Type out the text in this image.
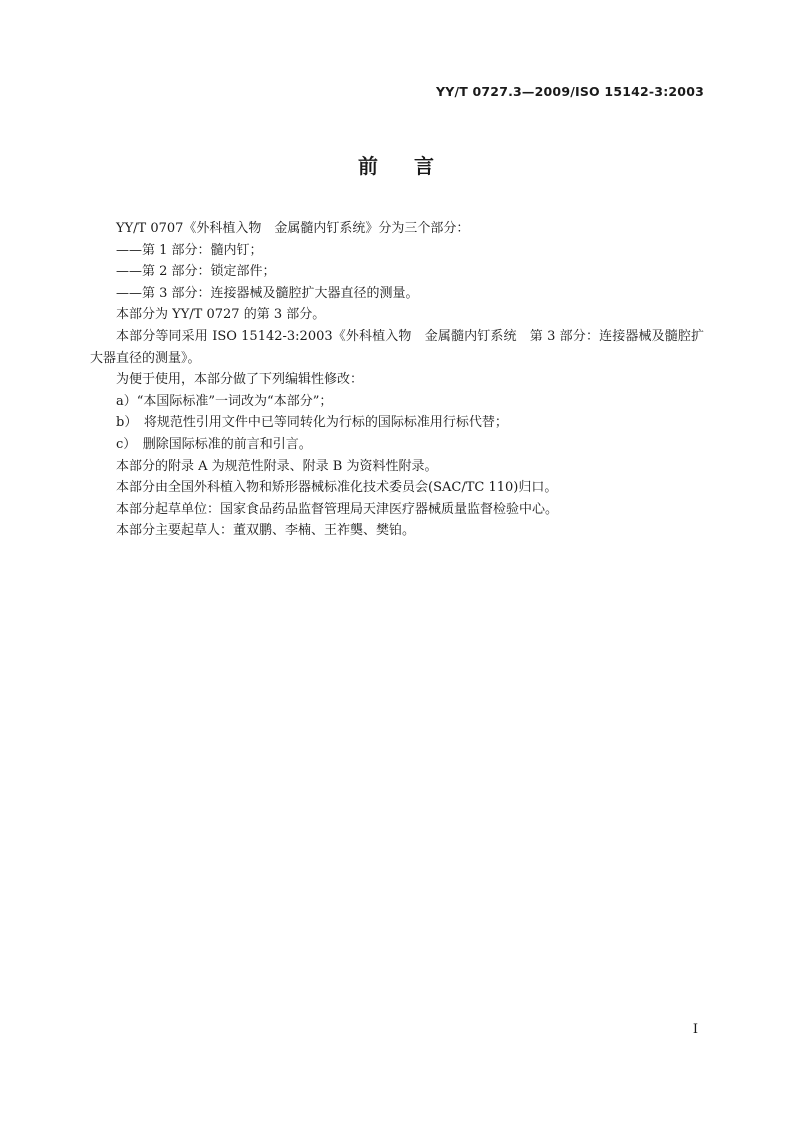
YY/T 0727.3—2009/ISO 15142-3:2003
前 言

YY/T 0707《外科植入物　金属髓内钉系统》分为三个部分：

——第 1 部分：髓内钉；

——第 2 部分：锁定部件；

——第 3 部分：连接器械及髓腔扩大器直径的测量。

本部分为 YY/T 0727 的第 3 部分。

本部分等同采用 ISO 15142-3:2003《外科植入物　金属髓内钉系统　第 3 部分：连接器械及髓腔扩大器直径的测量》。

为便于使用，本部分做了下列编辑性修改：

a）“本国际标准”一词改为“本部分”；

b）　将规范性引用文件中已等同转化为行标的国际标准用行标代替；

c）　删除国际标准的前言和引言。

本部分的附录 A 为规范性附录、附录 B 为资料性附录。

本部分由全国外科植入物和矫形器械标准化技术委员会(SAC/TC 110)归口。

本部分起草单位：国家食品药品监督管理局天津医疗器械质量监督检验中心。

本部分主要起草人：董双鹏、李楠、王祚龑、樊铂。

Ⅰ
